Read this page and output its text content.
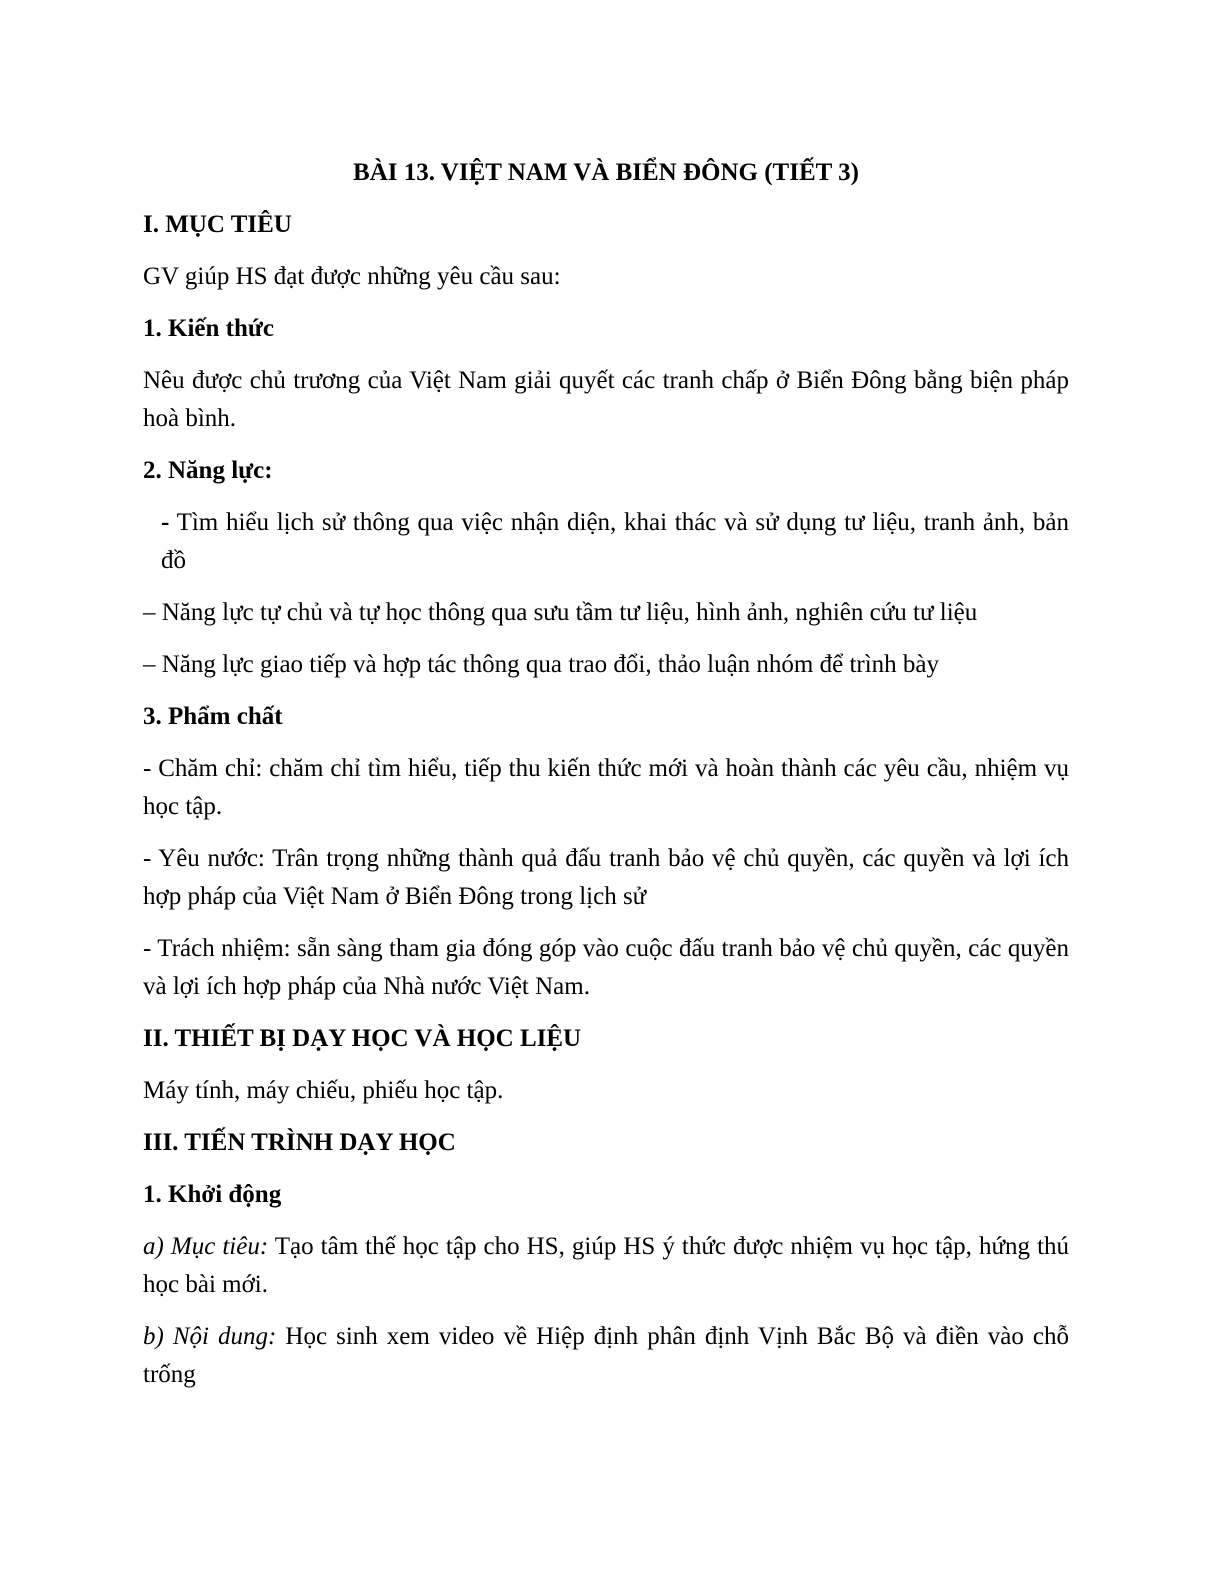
BÀI 13. VIỆT NAM VÀ BIỂN ĐÔNG (TIẾT 3)
I. MỤC TIÊU
GV giúp HS đạt được những yêu cầu sau:
1. Kiến thức
Nêu được chủ trương của Việt Nam giải quyết các tranh chấp ở Biển Đông bằng biện pháp hoà bình.
2. Năng lực:
- Tìm hiểu lịch sử thông qua việc nhận diện, khai thác và sử dụng tư liệu, tranh ảnh, bản đồ
– Năng lực tự chủ và tự học thông qua sưu tầm tư liệu, hình ảnh, nghiên cứu tư liệu
– Năng lực giao tiếp và hợp tác thông qua trao đổi, thảo luận nhóm để trình bày
3. Phẩm chất
- Chăm chỉ: chăm chỉ tìm hiểu, tiếp thu kiến thức mới và hoàn thành các yêu cầu, nhiệm vụ học tập.
- Yêu nước: Trân trọng những thành quả đấu tranh bảo vệ chủ quyền, các quyền và lợi ích hợp pháp của Việt Nam ở Biển Đông trong lịch sử
- Trách nhiệm: sẵn sàng tham gia đóng góp vào cuộc đấu tranh bảo vệ chủ quyền, các quyền và lợi ích hợp pháp của Nhà nước Việt Nam.
II. THIẾT BỊ DẠY HỌC VÀ HỌC LIỆU
Máy tính, máy chiếu, phiếu học tập.
III. TIẾN TRÌNH DẠY HỌC
1. Khởi động
a) Mục tiêu: Tạo tâm thế học tập cho HS, giúp HS ý thức được nhiệm vụ học tập, hứng thú học bài mới.
b) Nội dung: Học sinh xem video về Hiệp định phân định Vịnh Bắc Bộ và điền vào chỗ trống
